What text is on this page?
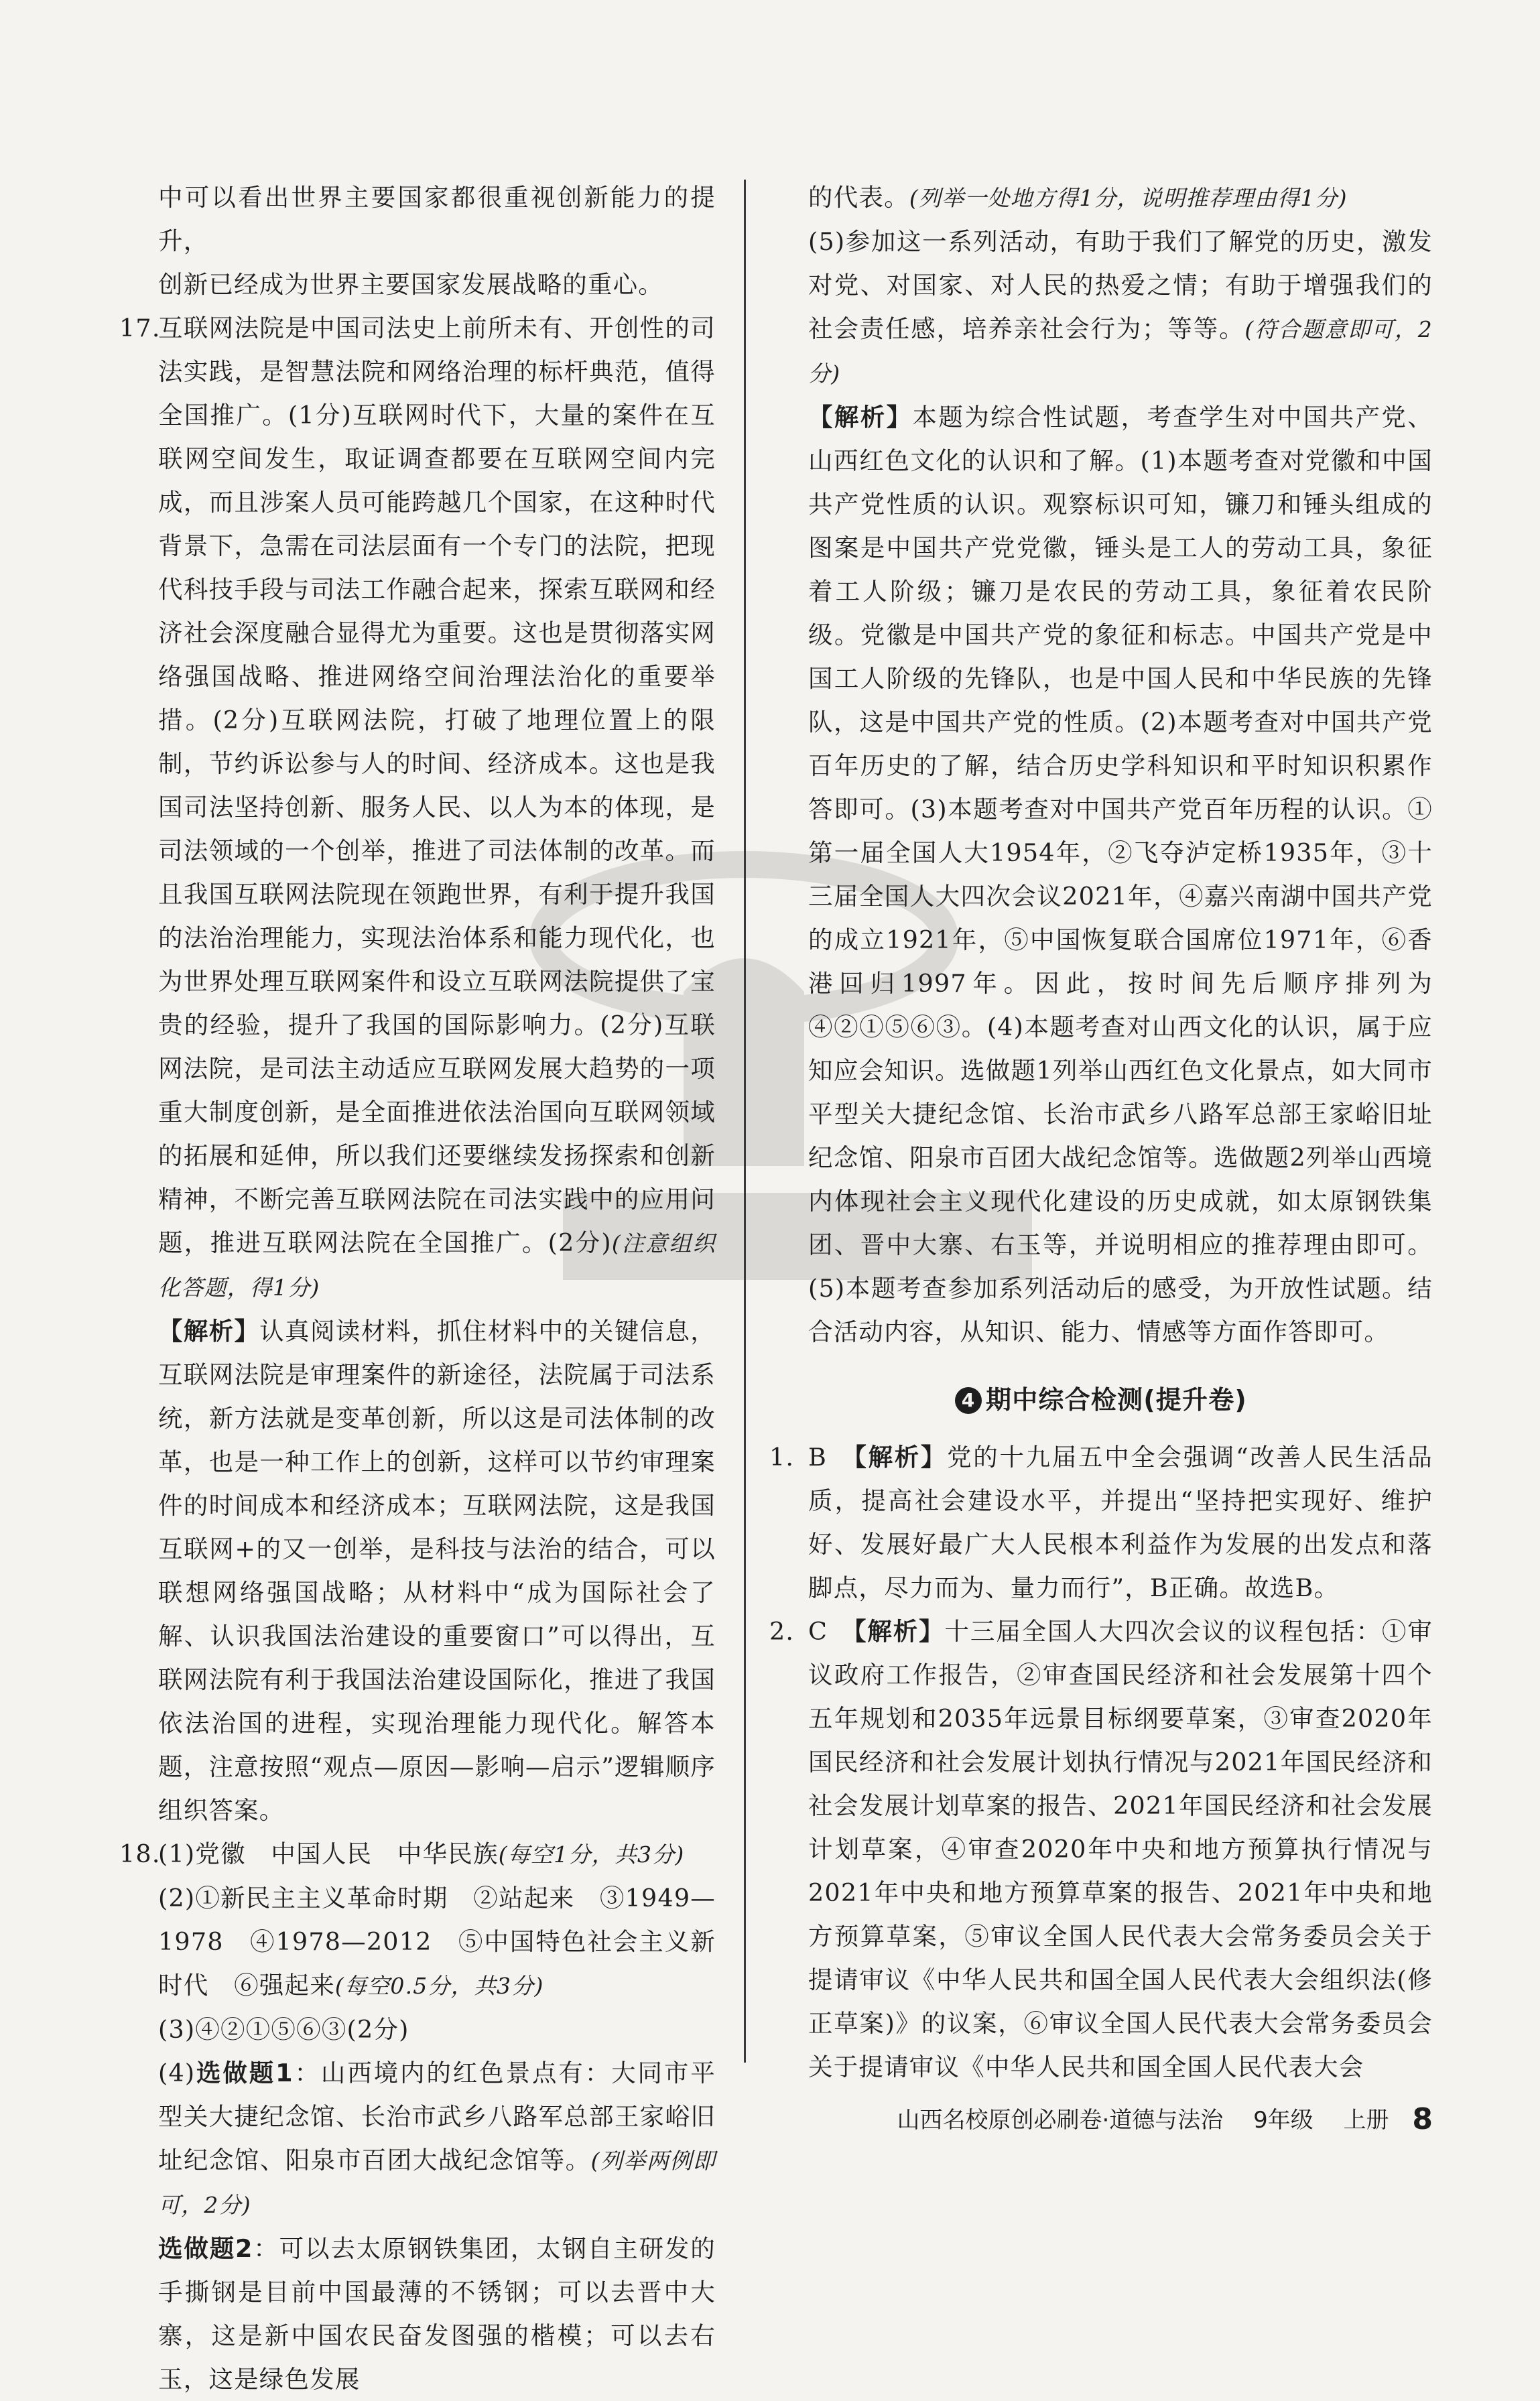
中可以看出世界主要国家都很重视创新能力的提升，

创新已经成为世界主要国家发展战略的重心。

17.

互联网法院是中国司法史上前所未有、开创性的司法实践，是智慧法院和网络治理的标杆典范，值得全国推广。(1分)互联网时代下，大量的案件在互联网空间发生，取证调查都要在互联网空间内完成，而且涉案人员可能跨越几个国家，在这种时代背景下，急需在司法层面有一个专门的法院，把现代科技手段与司法工作融合起来，探索互联网和经济社会深度融合显得尤为重要。这也是贯彻落实网络强国战略、推进网络空间治理法治化的重要举措。(2分)互联网法院，打破了地理位置上的限制，节约诉讼参与人的时间、经济成本。这也是我国司法坚持创新、服务人民、以人为本的体现，是司法领域的一个创举，推进了司法体制的改革。而且我国互联网法院现在领跑世界，有利于提升我国的法治治理能力，实现法治体系和能力现代化，也为世界处理互联网案件和设立互联网法院提供了宝贵的经验，提升了我国的国际影响力。(2分)互联网法院，是司法主动适应互联网发展大趋势的一项重大制度创新，是全面推进依法治国向互联网领域的拓展和延伸，所以我们还要继续发扬探索和创新精神，不断完善互联网法院在司法实践中的应用问题，推进互联网法院在全国推广。(2分)(注意组织化答题，得1分)

【解析】认真阅读材料，抓住材料中的关键信息，互联网法院是审理案件的新途径，法院属于司法系统，新方法就是变革创新，所以这是司法体制的改革，也是一种工作上的创新，这样可以节约审理案件的时间成本和经济成本；互联网法院，这是我国互联网+的又一创举，是科技与法治的结合，可以联想网络强国战略；从材料中“成为国际社会了解、认识我国法治建设的重要窗口”可以得出，互联网法院有利于我国法治建设国际化，推进了我国依法治国的进程，实现治理能力现代化。解答本题，注意按照“观点—原因—影响—启示”逻辑顺序组织答案。

18.

(1)党徽　中国人民　中华民族(每空1分，共3分)

(2)①新民主主义革命时期　②站起来　③1949—1978　④1978—2012　⑤中国特色社会主义新时代　⑥强起来(每空0.5分，共3分)

(3)④②①⑤⑥③(2分)

(4)选做题1：山西境内的红色景点有：大同市平型关大捷纪念馆、长治市武乡八路军总部王家峪旧址纪念馆、阳泉市百团大战纪念馆等。(列举两例即可，2分)

选做题2：可以去太原钢铁集团，太钢自主研发的手撕钢是目前中国最薄的不锈钢；可以去晋中大寨，这是新中国农民奋发图强的楷模；可以去右玉，这是绿色发展

的代表。(列举一处地方得1分，说明推荐理由得1分)

(5)参加这一系列活动，有助于我们了解党的历史，激发对党、对国家、对人民的热爱之情；有助于增强我们的社会责任感，培养亲社会行为；等等。(符合题意即可，2分)

【解析】本题为综合性试题，考查学生对中国共产党、山西红色文化的认识和了解。(1)本题考查对党徽和中国共产党性质的认识。观察标识可知，镰刀和锤头组成的图案是中国共产党党徽，锤头是工人的劳动工具，象征着工人阶级；镰刀是农民的劳动工具，象征着农民阶级。党徽是中国共产党的象征和标志。中国共产党是中国工人阶级的先锋队，也是中国人民和中华民族的先锋队，这是中国共产党的性质。(2)本题考查对中国共产党百年历史的了解，结合历史学科知识和平时知识积累作答即可。(3)本题考查对中国共产党百年历程的认识。①第一届全国人大1954年，②飞夺泸定桥1935年，③十三届全国人大四次会议2021年，④嘉兴南湖中国共产党的成立1921年，⑤中国恢复联合国席位1971年，⑥香港回归1997年。因此，按时间先后顺序排列为④②①⑤⑥③。(4)本题考查对山西文化的认识，属于应知应会知识。选做题1列举山西红色文化景点，如大同市平型关大捷纪念馆、长治市武乡八路军总部王家峪旧址纪念馆、阳泉市百团大战纪念馆等。选做题2列举山西境内体现社会主义现代化建设的历史成就，如太原钢铁集团、晋中大寨、右玉等，并说明相应的推荐理由即可。(5)本题考查参加系列活动后的感受，为开放性试题。结合活动内容，从知识、能力、情感等方面作答即可。

4 期中综合检测(提升卷)
1. B　 【解析】党的十九届五中全会强调“改善人民生活品质，提高社会建设水平，并提出“坚持把实现好、维护好、发展好最广大人民根本利益作为发展的出发点和落脚点，尽力而为、量力而行”，B正确。故选B。

2. C　 【解析】十三届全国人大四次会议的议程包括：①审议政府工作报告，②审查国民经济和社会发展第十四个五年规划和2035年远景目标纲要草案，③审查2020年国民经济和社会发展计划执行情况与2021年国民经济和社会发展计划草案的报告、2021年国民经济和社会发展计划草案，④审查2020年中央和地方预算执行情况与2021年中央和地方预算草案的报告、2021年中央和地方预算草案，⑤审议全国人民代表大会常务委员会关于提请审议《中华人民共和国全国人民代表大会组织法(修正草案)》的议案，⑥审议全国人民代表大会常务委员会关于提请审议《中华人民共和国全国人民代表大会

山西名校原创必刷卷·道德与法治　 9年级　 上册 8
